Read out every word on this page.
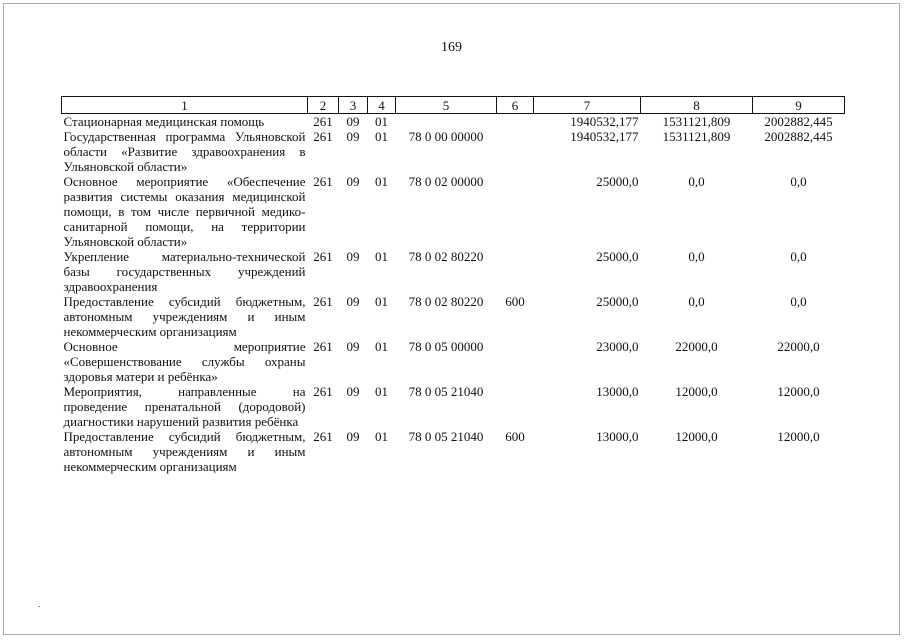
169
1	2	3	4	5	6	7	8	9
Стационарная медицинская помощь	261	09	01			1940532,177	1531121,809	2002882,445
Государственная программа Ульяновской области «Развитие здравоохранения в Ульяновской области»	261	09	01	78 0 00 00000		1940532,177	1531121,809	2002882,445
Основное мероприятие «Обеспечение развития системы оказания медицинской помощи, в том числе первичной медико-санитарной помощи, на территории Ульяновской области»	261	09	01	78 0 02 00000		25000,0	0,0	0,0
Укрепление материально-технической базы государственных учреждений здравоохранения	261	09	01	78 0 02 80220		25000,0	0,0	0,0
Предоставление субсидий бюджетным, автономным учреждениям и иным некоммерческим организациям	261	09	01	78 0 02 80220	600	25000,0	0,0	0,0
Основное мероприятие «Совершенствование службы охраны здоровья матери и ребёнка»	261	09	01	78 0 05 00000		23000,0	22000,0	22000,0
Мероприятия, направленные на проведение пренатальной (дородовой) диагностики нарушений развития ребёнка	261	09	01	78 0 05 21040		13000,0	12000,0	12000,0
Предоставление субсидий бюджетным, автономным учреждениям и иным некоммерческим организациям	261	09	01	78 0 05 21040	600	13000,0	12000,0	12000,0
